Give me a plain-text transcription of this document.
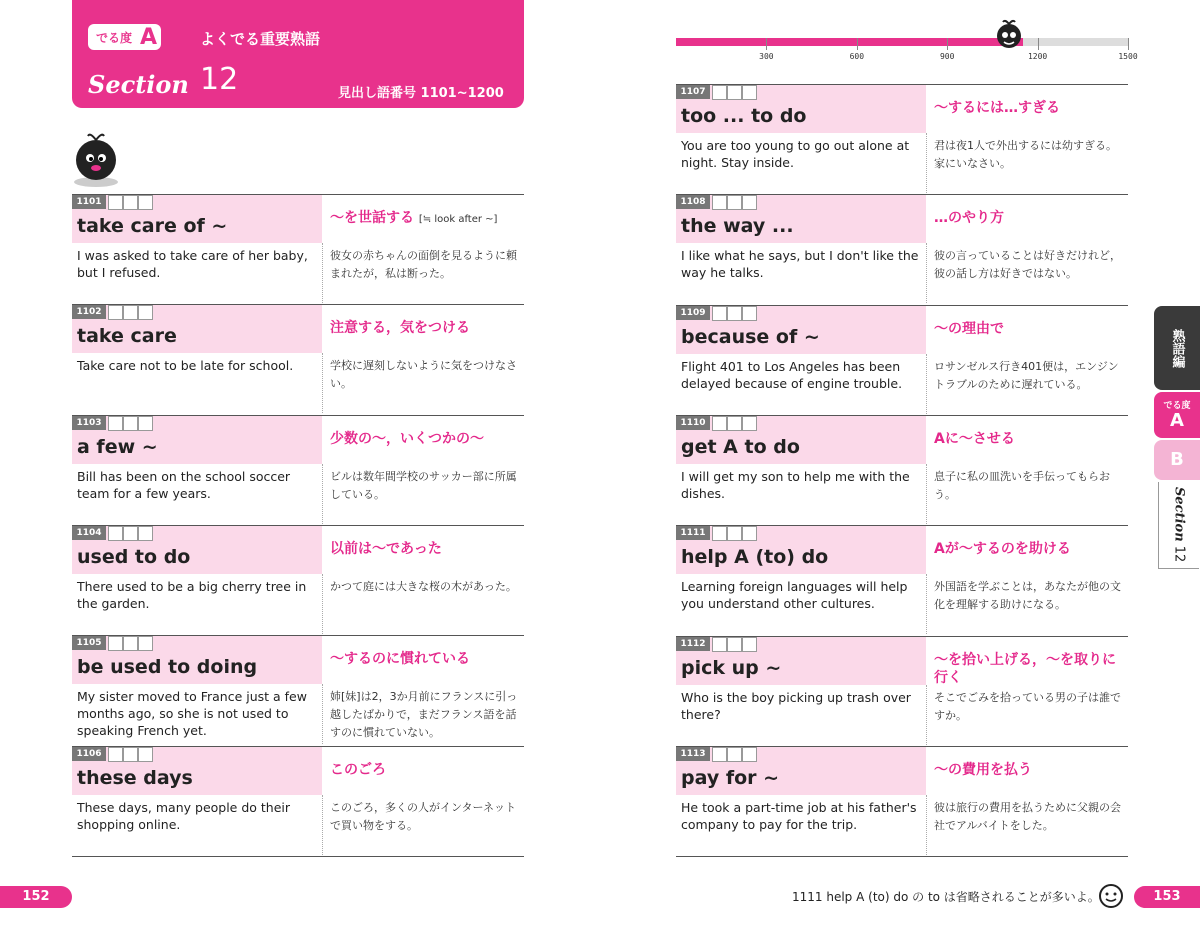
でる度 A	よくでる重要熟語
Section 12	見出し語番号 1101~1200
300	600	900	1200	1500
1101
take care of ~	～を世話する [≒ look after ~]
I was asked to take care of her baby, but I refused.
彼女の赤ちゃんの面倒を見るように頼まれたが，私は断った。
1102
take care	注意する，気をつける
Take care not to be late for school.	学校に遅刻しないように気をつけなさい。
1103
a few ~	少数の～，いくつかの～
Bill has been on the school soccer team for a few years.
ビルは数年間学校のサッカー部に所属している。
1104
used to do	以前は～であった
There used to be a big cherry tree in the garden.
かつて庭には大きな桜の木があった。
1105
be used to doing	～するのに慣れている
My sister moved to France just a few months ago, so she is not used to speaking French yet.
姉[妹]は2，3か月前にフランスに引っ越したばかりで，まだフランス語を話すのに慣れていない。
1106
these days	このごろ
These days, many people do their shopping online.
このごろ，多くの人がインターネットで買い物をする。
1107
too ... to do	～するには…すぎる
You are too young to go out alone at night. Stay inside.
君は夜1人で外出するには幼すぎる。家にいなさい。
1108
the way ...	…のやり方
I like what he says, but I don't like the way he talks.
彼の言っていることは好きだけれど，彼の話し方は好きではない。
1109
because of ~	～の理由で
Flight 401 to Los Angeles has been delayed because of engine trouble.
ロサンゼルス行き401便は，エンジントラブルのために遅れている。
1110
get A to do	Aに～させる
I will get my son to help me with the dishes.
息子に私の皿洗いを手伝ってもらおう。
1111
help A (to) do	Aが～するのを助ける
Learning foreign languages will help you understand other cultures.
外国語を学ぶことは，あなたが他の文化を理解する助けになる。
1112
pick up ~	～を拾い上げる，～を取りに行く
Who is the boy picking up trash over there?
そこでごみを拾っている男の子は誰ですか。
1113
pay for ~	～の費用を払う
He took a part-time job at his father's company to pay for the trip.
彼は旅行の費用を払うために父親の会社でアルバイトをした。
熟語編
でる度
A
B
Section 12
152	1111 help A (to) do の to は省略されることが多いよ。	153
